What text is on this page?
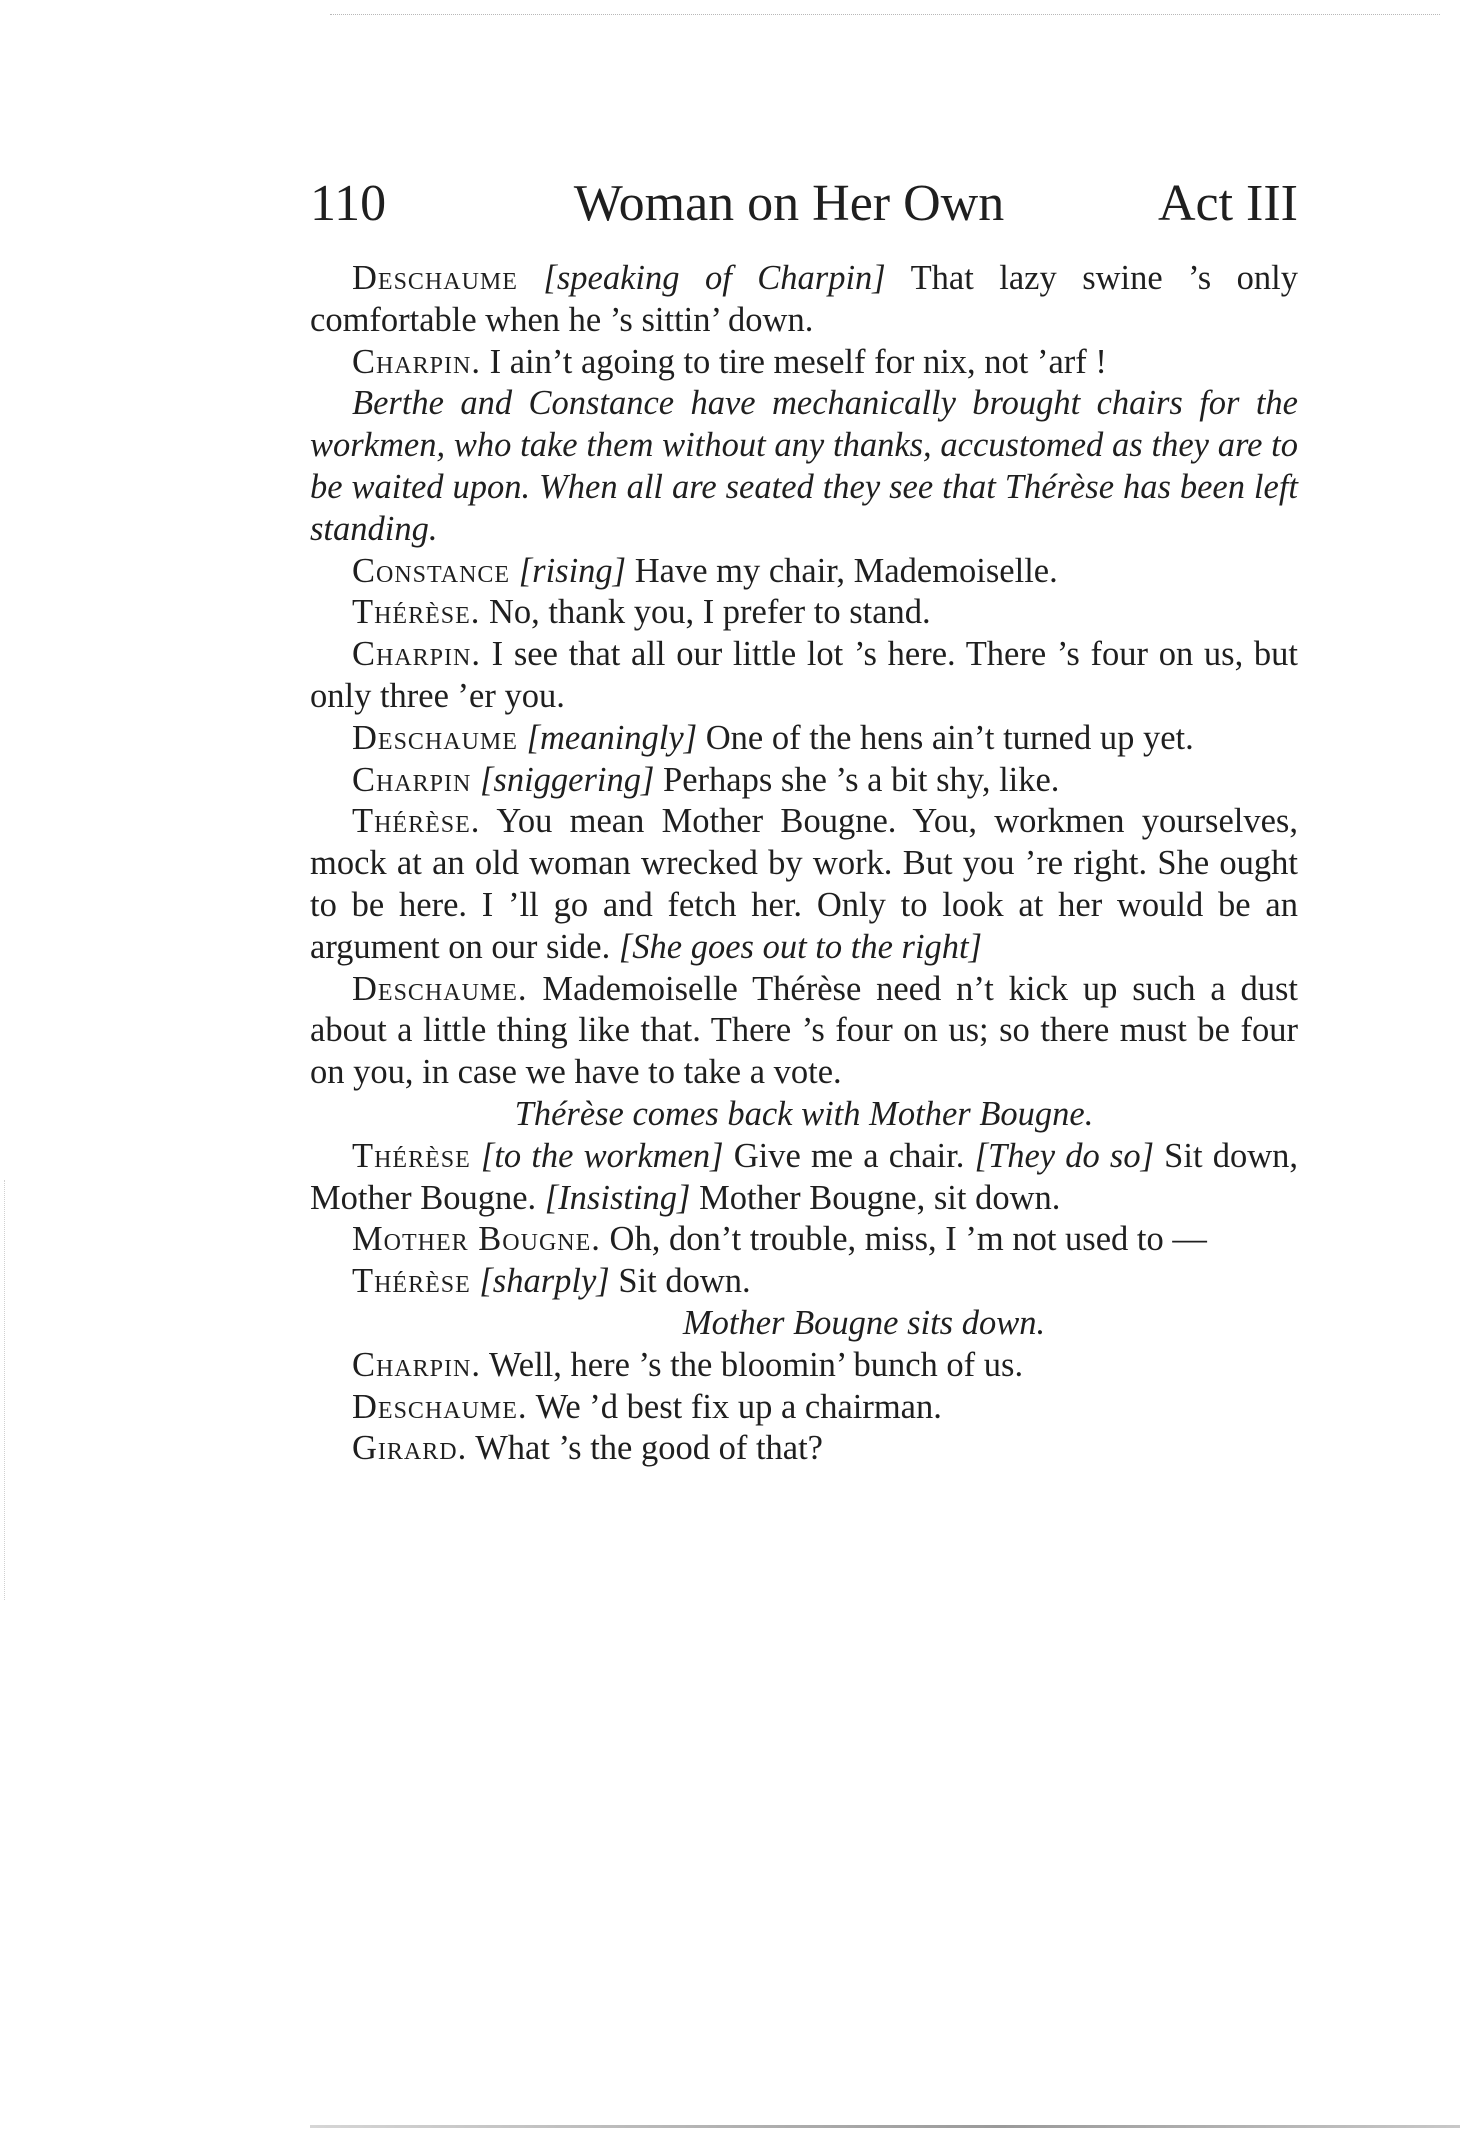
110	Woman on Her Own	Act III

Deschaume [speaking of Charpin] That lazy swine ’s only comfortable when he ’s sittin’ down.

Charpin. I ain’t agoing to tire meself for nix, not ’arf !

Berthe and Constance have mechanically brought chairs for the workmen, who take them without any thanks, accustomed as they are to be waited upon. When all are seated they see that Thérèse has been left standing.

Constance [rising] Have my chair, Mademoiselle.

Thérèse. No, thank you, I prefer to stand.

Charpin. I see that all our little lot ’s here. There ’s four on us, but only three ’er you.

Deschaume [meaningly] One of the hens ain’t turned up yet.

Charpin [sniggering] Perhaps she ’s a bit shy, like.

Thérèse. You mean Mother Bougne. You, workmen yourselves, mock at an old woman wrecked by work. But you ’re right. She ought to be here. I ’ll go and fetch her. Only to look at her would be an argument on our side. [She goes out to the right]

Deschaume. Mademoiselle Thérèse need n’t kick up such a dust about a little thing like that. There ’s four on us; so there must be four on you, in case we have to take a vote.

Thérèse comes back with Mother Bougne.

Thérèse [to the workmen] Give me a chair. [They do so] Sit down, Mother Bougne. [Insisting] Mother Bougne, sit down.

Mother Bougne. Oh, don’t trouble, miss, I ’m not used to —

Thérèse [sharply] Sit down.

Mother Bougne sits down.

Charpin. Well, here ’s the bloomin’ bunch of us.

Deschaume. We ’d best fix up a chairman.

Girard. What ’s the good of that?
